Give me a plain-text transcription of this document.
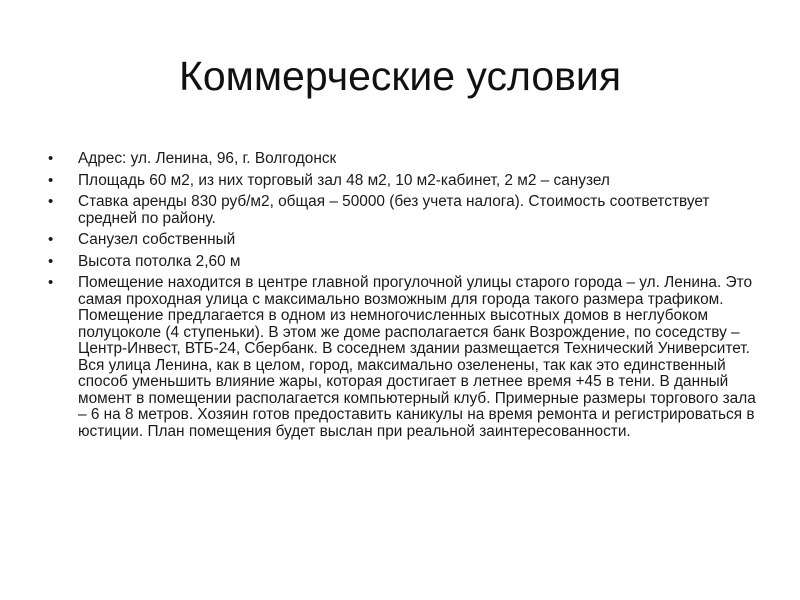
Коммерческие условия
•	Адрес: ул. Ленина, 96, г. Волгодонск
•	Площадь 60 м2, из них торговый зал 48 м2, 10 м2-кабинет, 2 м2 – санузел
•	Ставка аренды 830 руб/м2, общая – 50000 (без учета налога). Стоимость соответствует средней по району.
•	Санузел собственный
•	Высота потолка 2,60 м
•	Помещение находится в центре главной прогулочной улицы старого города – ул. Ленина. Это самая проходная улица с максимально возможным для города такого размера трафиком. Помещение предлагается в одном из немногочисленных высотных домов в неглубоком полуцоколе (4 ступеньки). В этом же доме располагается банк Возрождение, по соседству – Центр-Инвест, ВТБ-24, Сбербанк. В соседнем здании размещается Технический Университет. Вся улица Ленина, как в целом, город, максимально озеленены, так как это единственный способ уменьшить влияние жары, которая достигает в летнее время +45 в тени. В данный момент в помещении располагается компьютерный клуб. Примерные размеры торгового зала – 6 на 8 метров. Хозяин готов предоставить каникулы на время ремонта и регистрироваться в юстиции. План помещения будет выслан при реальной заинтересованности.
